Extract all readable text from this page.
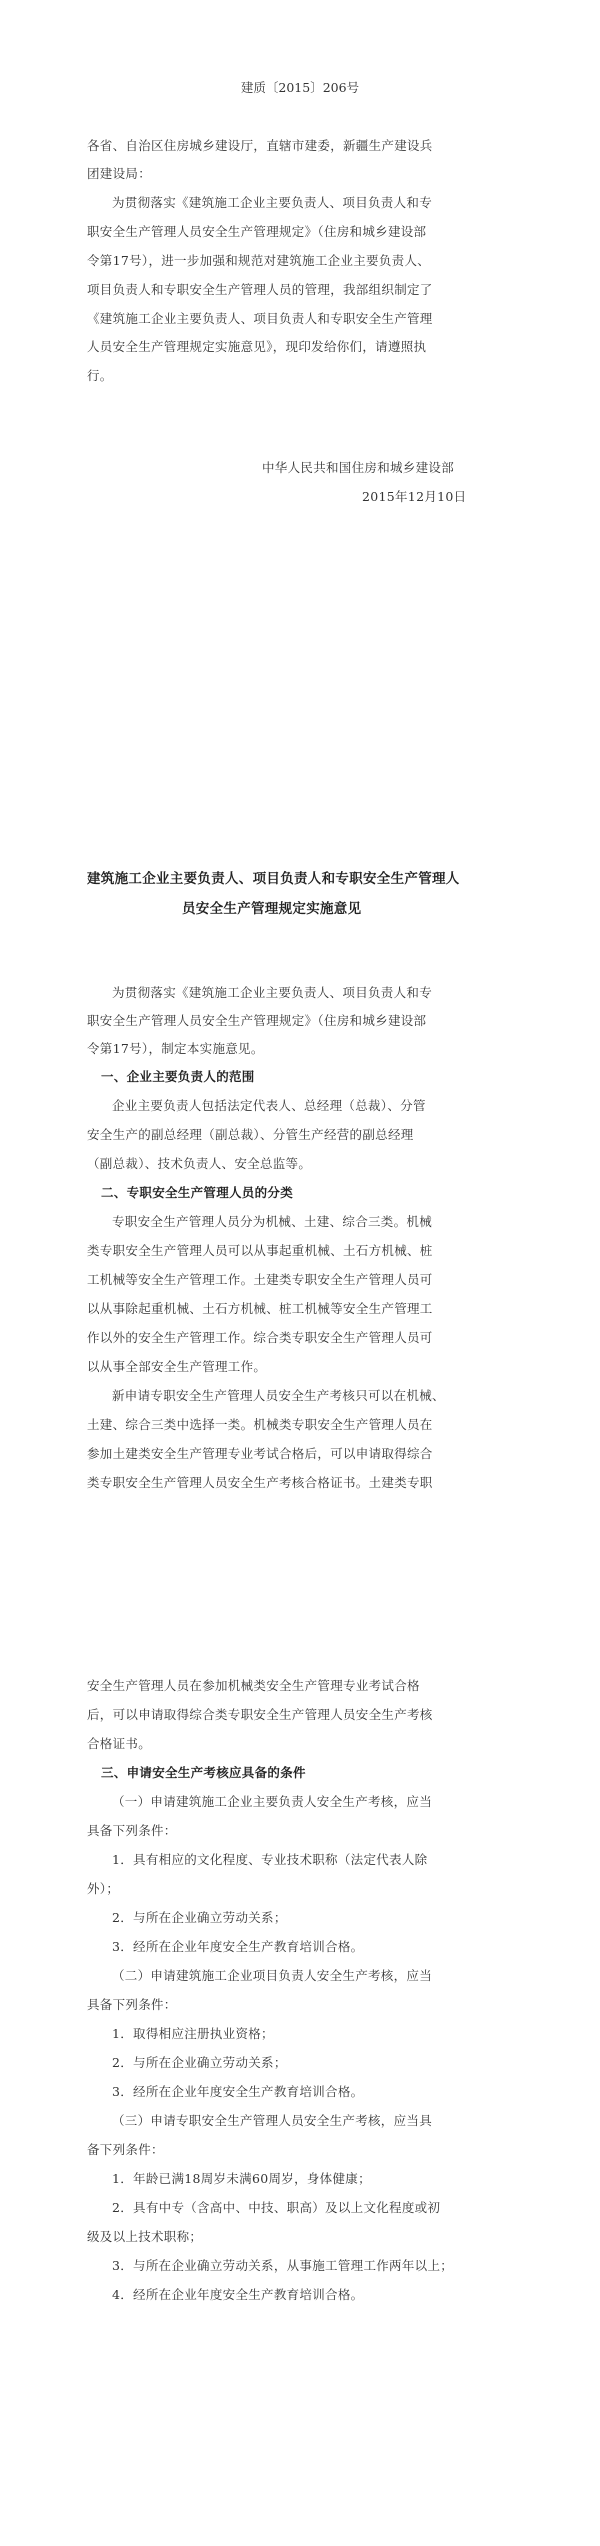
建质〔2015〕206号
各省、自治区住房城乡建设厅，直辖市建委，新疆生产建设兵
团建设局：
为贯彻落实《建筑施工企业主要负责人、项目负责人和专
职安全生产管理人员安全生产管理规定》（住房和城乡建设部
令第17号），进一步加强和规范对建筑施工企业主要负责人、
项目负责人和专职安全生产管理人员的管理，我部组织制定了
《建筑施工企业主要负责人、项目负责人和专职安全生产管理
人员安全生产管理规定实施意见》，现印发给你们，请遵照执
行。
中华人民共和国住房和城乡建设部
2015年12月10日
建筑施工企业主要负责人、项目负责人和专职安全生产管理人
员安全生产管理规定实施意见
为贯彻落实《建筑施工企业主要负责人、项目负责人和专
职安全生产管理人员安全生产管理规定》（住房和城乡建设部
令第17号），制定本实施意见。
一、企业主要负责人的范围
企业主要负责人包括法定代表人、总经理（总裁）、分管
安全生产的副总经理（副总裁）、分管生产经营的副总经理
（副总裁）、技术负责人、安全总监等。
二、专职安全生产管理人员的分类
专职安全生产管理人员分为机械、土建、综合三类。机械
类专职安全生产管理人员可以从事起重机械、土石方机械、桩
工机械等安全生产管理工作。土建类专职安全生产管理人员可
以从事除起重机械、土石方机械、桩工机械等安全生产管理工
作以外的安全生产管理工作。综合类专职安全生产管理人员可
以从事全部安全生产管理工作。
新申请专职安全生产管理人员安全生产考核只可以在机械、
土建、综合三类中选择一类。机械类专职安全生产管理人员在
参加土建类安全生产管理专业考试合格后，可以申请取得综合
类专职安全生产管理人员安全生产考核合格证书。土建类专职
安全生产管理人员在参加机械类安全生产管理专业考试合格
后，可以申请取得综合类专职安全生产管理人员安全生产考核
合格证书。
三、申请安全生产考核应具备的条件
（一）申请建筑施工企业主要负责人安全生产考核，应当
具备下列条件：
1．具有相应的文化程度、专业技术职称（法定代表人除
外）；
2．与所在企业确立劳动关系；
3．经所在企业年度安全生产教育培训合格。
（二）申请建筑施工企业项目负责人安全生产考核，应当
具备下列条件：
1．取得相应注册执业资格；
2．与所在企业确立劳动关系；
3．经所在企业年度安全生产教育培训合格。
（三）申请专职安全生产管理人员安全生产考核，应当具
备下列条件：
1．年龄已满18周岁未满60周岁，身体健康；
2．具有中专（含高中、中技、职高）及以上文化程度或初
级及以上技术职称；
3．与所在企业确立劳动关系，从事施工管理工作两年以上；
4．经所在企业年度安全生产教育培训合格。
